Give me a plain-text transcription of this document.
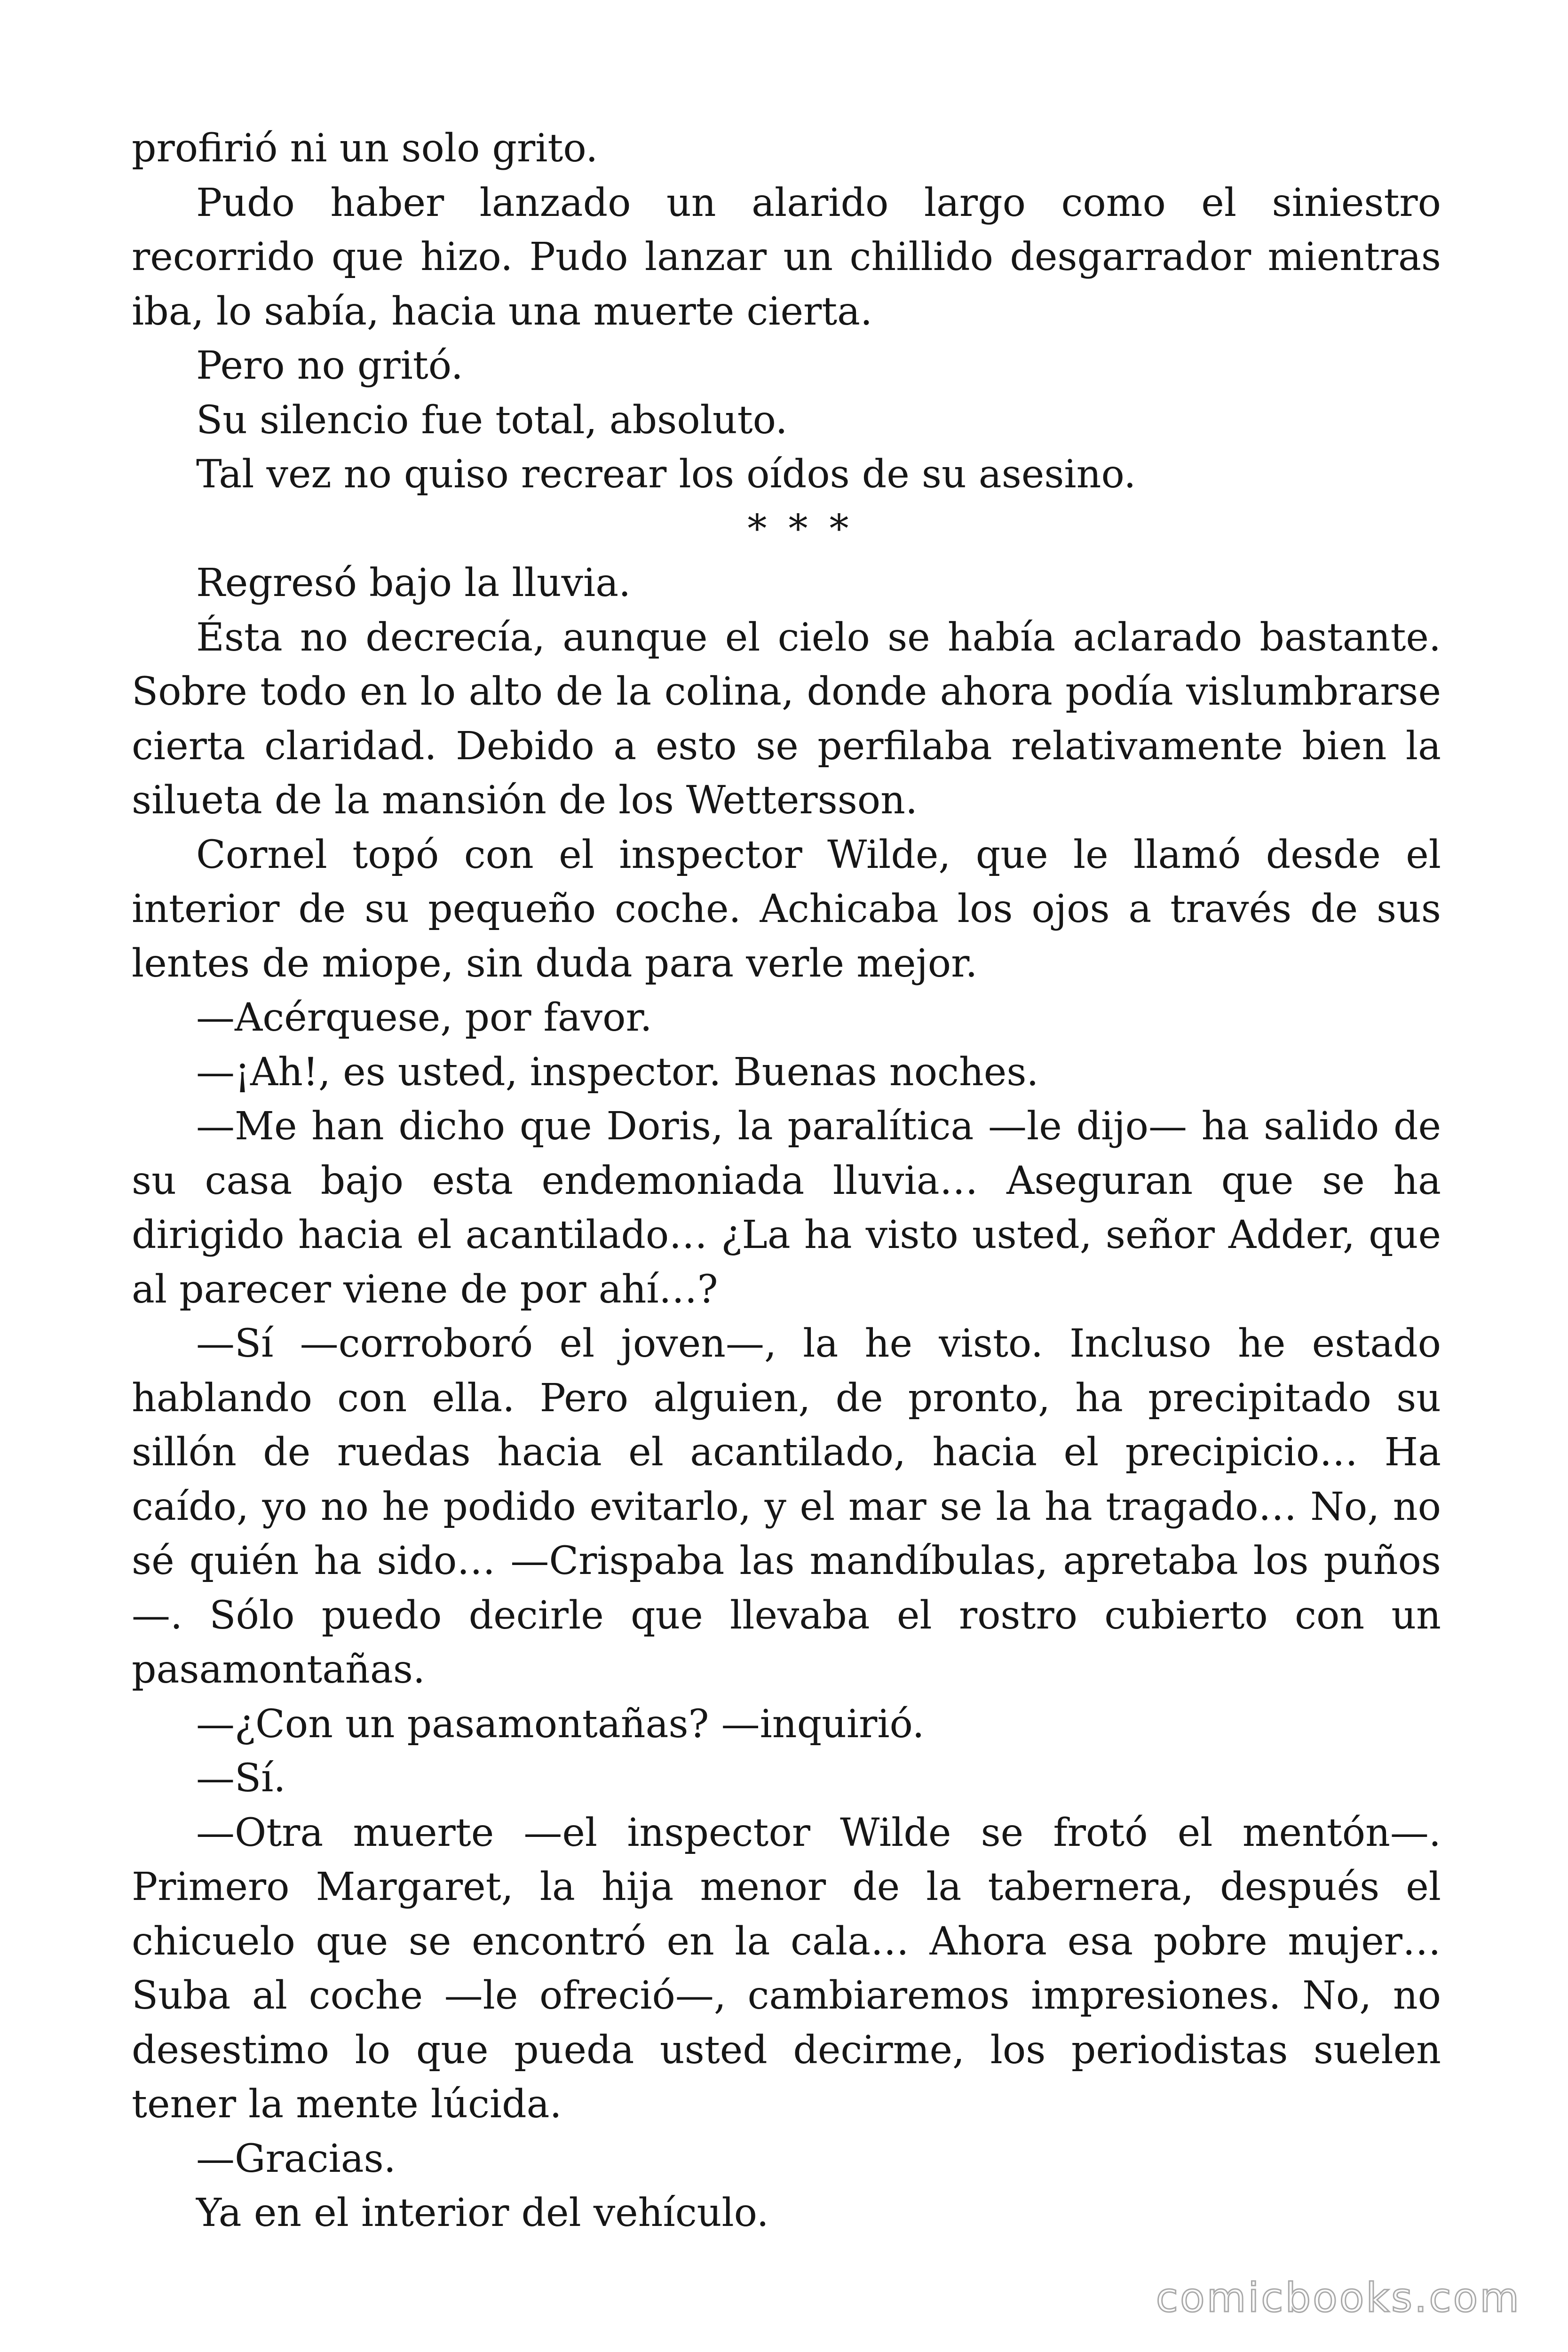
profirió ni un solo grito.

Pudo haber lanzado un alarido largo como el siniestro recorrido que hizo. Pudo lanzar un chillido desgarrador mientras iba, lo sabía, hacia una muerte cierta.

Pero no gritó.

Su silencio fue total, absoluto.

Tal vez no quiso recrear los oídos de su asesino.

* * *

Regresó bajo la lluvia.

Ésta no decrecía, aunque el cielo se había aclarado bastante. Sobre todo en lo alto de la colina, donde ahora podía vislumbrarse cierta claridad. Debido a esto se perfilaba relativamente bien la silueta de la mansión de los Wettersson.

Cornel topó con el inspector Wilde, que le llamó desde el interior de su pequeño coche. Achicaba los ojos a través de sus lentes de miope, sin duda para verle mejor.

—Acérquese, por favor.

—¡Ah!, es usted, inspector. Buenas noches.

—Me han dicho que Doris, la paralítica —le dijo— ha salido de su casa bajo esta endemoniada lluvia… Aseguran que se ha dirigido hacia el acantilado… ¿La ha visto usted, señor Adder, que al parecer viene de por ahí…?

—Sí —corroboró el joven—, la he visto. Incluso he estado hablando con ella. Pero alguien, de pronto, ha precipitado su sillón de ruedas hacia el acantilado, hacia el precipicio… Ha caído, yo no he podido evitarlo, y el mar se la ha tragado… No, no sé quién ha sido… —Crispaba las mandíbulas, apretaba los puños—. Sólo puedo decirle que llevaba el rostro cubierto con un pasamontañas.

—¿Con un pasamontañas? —inquirió.

—Sí.

—Otra muerte —el inspector Wilde se frotó el mentón—. Primero Margaret, la hija menor de la tabernera, después el chicuelo que se encontró en la cala… Ahora esa pobre mujer… Suba al coche —le ofreció—, cambiaremos impresiones. No, no desestimo lo que pueda usted decirme, los periodistas suelen tener la mente lúcida.

—Gracias.

Ya en el interior del vehículo.

comicbooks.com
